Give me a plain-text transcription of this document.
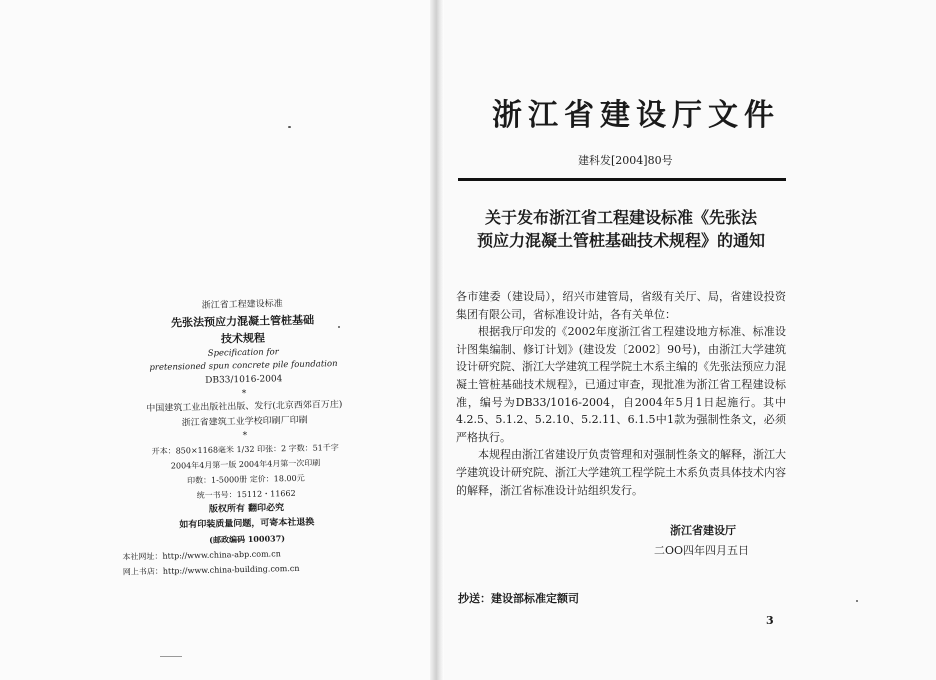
浙江省工程建设标准
先张法预应力混凝土管桩基础
技术规程
Specification for
pretensioned spun concrete pile foundation
DB33/1016-2004
*
中国建筑工业出版社出版、发行(北京西郊百万庄)
浙江省建筑工业学校印刷厂印刷
*
开本：850×1168毫米 1/32 印张：2 字数：51千字
2004年4月第一版 2004年4月第一次印刷
印数：1-5000册 定价：18.00元
统一书号：15112・11662
版权所有 翻印必究
如有印装质量问题，可寄本社退换
(邮政编码 100037)
本社网址：http://www.china-abp.com.cn
网上书店：http://www.china-building.com.cn
浙江省建设厅文件
建科发[2004]80号
关于发布浙江省工程建设标准《先张法
预应力混凝土管桩基础技术规程》的通知

各市建委（建设局），绍兴市建管局，省级有关厅、局，省建设投资集团有限公司，省标准设计站，各有关单位：

根据我厅印发的《2002年度浙江省工程建设地方标准、标准设计图集编制、修订计划》(建设发〔2002〕90号)，由浙江大学建筑设计研究院、浙江大学建筑工程学院土木系主编的《先张法预应力混凝土管桩基础技术规程》，已通过审查，现批准为浙江省工程建设标准，编号为DB33/1016-2004，自2004年5月1日起施行。其中4.2.5、5.1.2、5.2.10、5.2.11、6.1.5中1款为强制性条文，必须严格执行。

本规程由浙江省建设厅负责管理和对强制性条文的解释，浙江大学建筑设计研究院、浙江大学建筑工程学院土木系负责具体技术内容的解释，浙江省标准设计站组织发行。

浙江省建设厅
二OO四年四月五日
抄送：建设部标准定额司
3
